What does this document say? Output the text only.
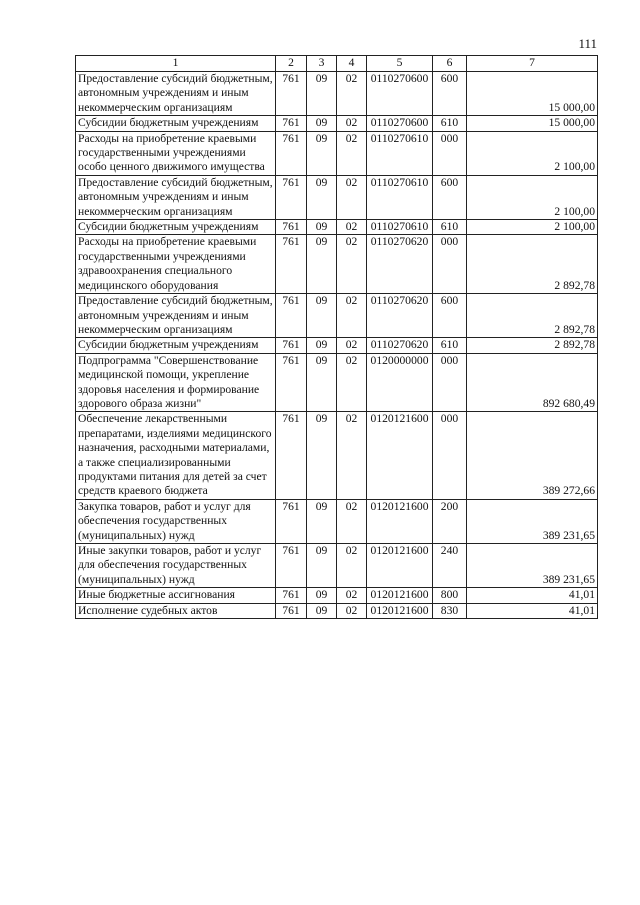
111
1	2	3	4	5	6	7
Предоставление субсидий бюджетным, автономным учреждениям и иным некоммерческим организациям	761	09	02	0110270600	600	15 000,00
Субсидии бюджетным учреждениям	761	09	02	0110270600	610	15 000,00
Расходы на приобретение краевыми государственными учреждениями особо ценного движимого имущества	761	09	02	0110270610	000	2 100,00
Предоставление субсидий бюджетным, автономным учреждениям и иным некоммерческим организациям	761	09	02	0110270610	600	2 100,00
Субсидии бюджетным учреждениям	761	09	02	0110270610	610	2 100,00
Расходы на приобретение краевыми государственными учреждениями здравоохранения специального медицинского оборудования	761	09	02	0110270620	000	2 892,78
Предоставление субсидий бюджетным, автономным учреждениям и иным некоммерческим организациям	761	09	02	0110270620	600	2 892,78
Субсидии бюджетным учреждениям	761	09	02	0110270620	610	2 892,78
Подпрограмма "Совершенствование медицинской помощи, укрепление здоровья населения и формирование здорового образа жизни"	761	09	02	0120000000	000	892 680,49
Обеспечение лекарственными препаратами, изделиями медицинского назначения, расходными материалами, а также специализированными продуктами питания для детей за счет средств краевого бюджета	761	09	02	0120121600	000	389 272,66
Закупка товаров, работ и услуг для обеспечения государственных (муниципальных) нужд	761	09	02	0120121600	200	389 231,65
Иные закупки товаров, работ и услуг для обеспечения государственных (муниципальных) нужд	761	09	02	0120121600	240	389 231,65
Иные бюджетные ассигнования	761	09	02	0120121600	800	41,01
Исполнение судебных актов	761	09	02	0120121600	830	41,01
